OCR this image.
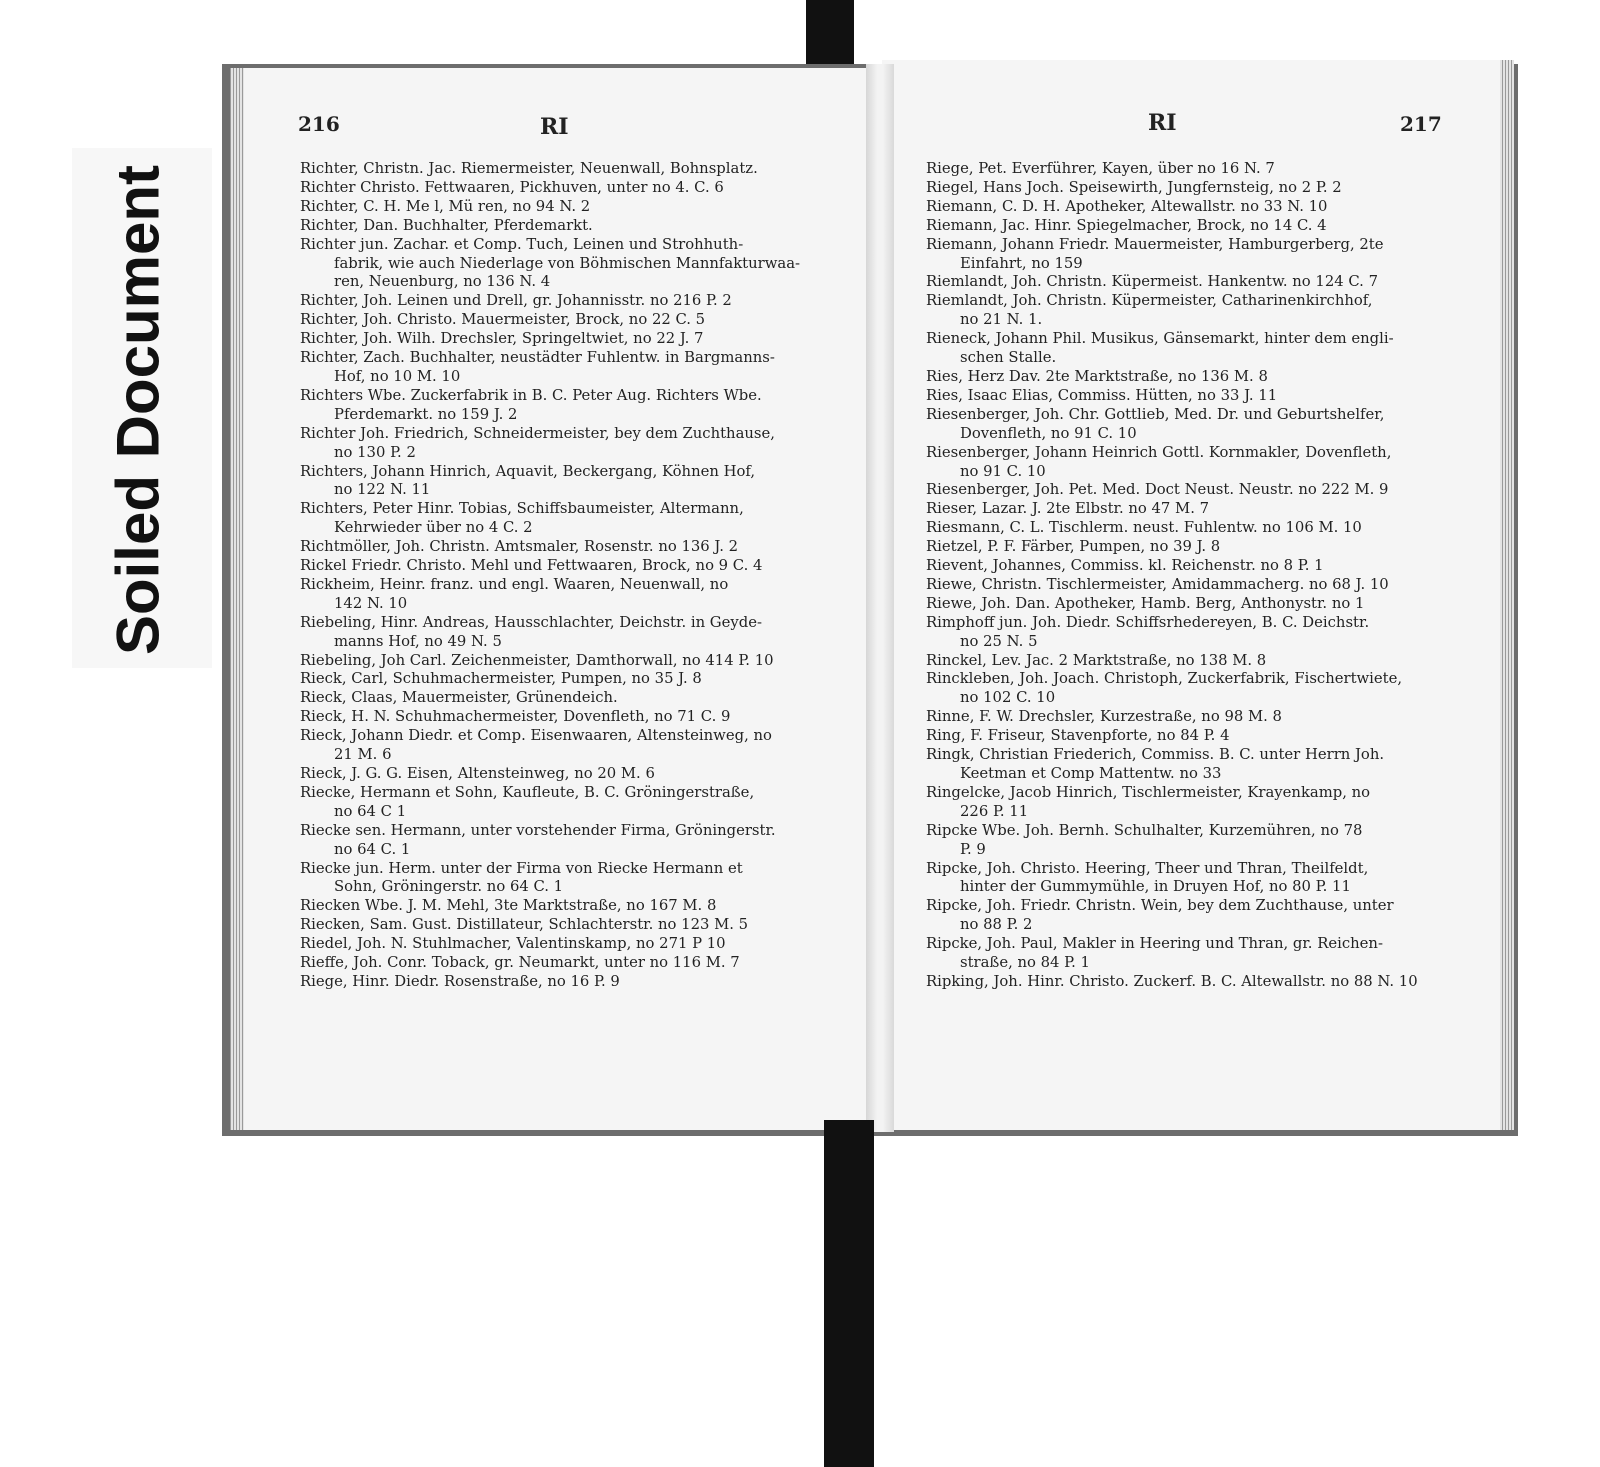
Soiled Document
216	RI	RI	217
Richter, Christn. Jac. Riemermeister, Neuenwall, Bohnsplatz.
Richter Christo. Fettwaaren, Pickhuven, unter no 4. C. 6
Richter, C. H. Me l, Mü ren, no 94 N. 2
Richter, Dan. Buchhalter, Pferdemarkt.
Richter jun. Zachar. et Comp. Tuch, Leinen und Strohhuth-
fabrik, wie auch Niederlage von Böhmischen Mannfakturwaa-
ren, Neuenburg, no 136 N. 4
Richter, Joh. Leinen und Drell, gr. Johannisstr. no 216 P. 2
Richter, Joh. Christo. Mauermeister, Brock, no 22 C. 5
Richter, Joh. Wilh. Drechsler, Springeltwiet, no 22 J. 7
Richter, Zach. Buchhalter, neustädter Fuhlentw. in Bargmanns-
Hof, no 10 M. 10
Richters Wbe. Zuckerfabrik in B. C. Peter Aug. Richters Wbe.
Pferdemarkt. no 159 J. 2
Richter Joh. Friedrich, Schneidermeister, bey dem Zuchthause,
no 130 P. 2
Richters, Johann Hinrich, Aquavit, Beckergang, Köhnen Hof,
no 122 N. 11
Richters, Peter Hinr. Tobias, Schiffsbaumeister, Altermann,
Kehrwieder über no 4 C. 2
Richtmöller, Joh. Christn. Amtsmaler, Rosenstr. no 136 J. 2
Rickel Friedr. Christo. Mehl und Fettwaaren, Brock, no 9 C. 4
Rickheim, Heinr. franz. und engl. Waaren, Neuenwall, no
142 N. 10
Riebeling, Hinr. Andreas, Hausschlachter, Deichstr. in Geyde-
manns Hof, no 49 N. 5
Riebeling, Joh Carl. Zeichenmeister, Damthorwall, no 414 P. 10
Rieck, Carl, Schuhmachermeister, Pumpen, no 35 J. 8
Rieck, Claas, Mauermeister, Grünendeich.
Rieck, H. N. Schuhmachermeister, Dovenfleth, no 71 C. 9
Rieck, Johann Diedr. et Comp. Eisenwaaren, Altensteinweg, no
21 M. 6
Rieck, J. G. G. Eisen, Altensteinweg, no 20 M. 6
Riecke, Hermann et Sohn, Kaufleute, B. C. Gröningerstraße,
no 64 C 1
Riecke sen. Hermann, unter vorstehender Firma, Gröningerstr.
no 64 C. 1
Riecke jun. Herm. unter der Firma von Riecke Hermann et
Sohn, Gröningerstr. no 64 C. 1
Riecken Wbe. J. M. Mehl, 3te Marktstraße, no 167 M. 8
Riecken, Sam. Gust. Distillateur, Schlachterstr. no 123 M. 5
Riedel, Joh. N. Stuhlmacher, Valentinskamp, no 271 P 10
Rieffe, Joh. Conr. Toback, gr. Neumarkt, unter no 116 M. 7
Riege, Hinr. Diedr. Rosenstraße, no 16 P. 9
Riege, Pet. Everführer, Kayen, über no 16 N. 7
Riegel, Hans Joch. Speisewirth, Jungfernsteig, no 2 P. 2
Riemann, C. D. H. Apotheker, Altewallstr. no 33 N. 10
Riemann, Jac. Hinr. Spiegelmacher, Brock, no 14 C. 4
Riemann, Johann Friedr. Mauermeister, Hamburgerberg, 2te
Einfahrt, no 159
Riemlandt, Joh. Christn. Küpermeist. Hankentw. no 124 C. 7
Riemlandt, Joh. Christn. Küpermeister, Catharinenkirchhof,
no 21 N. 1.
Rieneck, Johann Phil. Musikus, Gänsemarkt, hinter dem engli-
schen Stalle.
Ries, Herz Dav. 2te Marktstraße, no 136 M. 8
Ries, Isaac Elias, Commiss. Hütten, no 33 J. 11
Riesenberger, Joh. Chr. Gottlieb, Med. Dr. und Geburtshelfer,
Dovenfleth, no 91 C. 10
Riesenberger, Johann Heinrich Gottl. Kornmakler, Dovenfleth,
no 91 C. 10
Riesenberger, Joh. Pet. Med. Doct Neust. Neustr. no 222 M. 9
Rieser, Lazar. J. 2te Elbstr. no 47 M. 7
Riesmann, C. L. Tischlerm. neust. Fuhlentw. no 106 M. 10
Rietzel, P. F. Färber, Pumpen, no 39 J. 8
Rievent, Johannes, Commiss. kl. Reichenstr. no 8 P. 1
Riewe, Christn. Tischlermeister, Amidammacherg. no 68 J. 10
Riewe, Joh. Dan. Apotheker, Hamb. Berg, Anthonystr. no 1
Rimphoff jun. Joh. Diedr. Schiffsrhedereyen, B. C. Deichstr.
no 25 N. 5
Rinckel, Lev. Jac. 2 Marktstraße, no 138 M. 8
Rinckleben, Joh. Joach. Christoph, Zuckerfabrik, Fischertwiete,
no 102 C. 10
Rinne, F. W. Drechsler, Kurzestraße, no 98 M. 8
Ring, F. Friseur, Stavenpforte, no 84 P. 4
Ringk, Christian Friederich, Commiss. B. C. unter Herrn Joh.
Keetman et Comp Mattentw. no 33
Ringelcke, Jacob Hinrich, Tischlermeister, Krayenkamp, no
226 P. 11
Ripcke Wbe. Joh. Bernh. Schulhalter, Kurzemühren, no 78
P. 9
Ripcke, Joh. Christo. Heering, Theer und Thran, Theilfeldt,
hinter der Gummymühle, in Druyen Hof, no 80 P. 11
Ripcke, Joh. Friedr. Christn. Wein, bey dem Zuchthause, unter
no 88 P. 2
Ripcke, Joh. Paul, Makler in Heering und Thran, gr. Reichen-
straße, no 84 P. 1
Ripking, Joh. Hinr. Christo. Zuckerf. B. C. Altewallstr. no 88 N. 10
